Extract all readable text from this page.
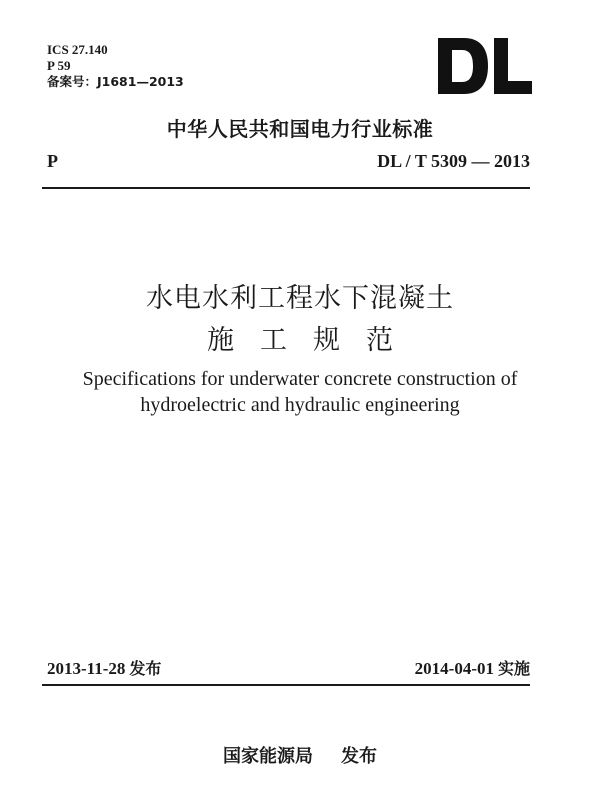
ICS 27.140
P 59
备案号：J1681—2013
中华人民共和国电力行业标准
P	DL / T 5309 — 2013
水电水利工程水下混凝土
施工规范
Specifications for underwater concrete construction of
hydroelectric and hydraulic engineering
2013-11-28 发布	2014-04-01 实施
国家能源局 发布
